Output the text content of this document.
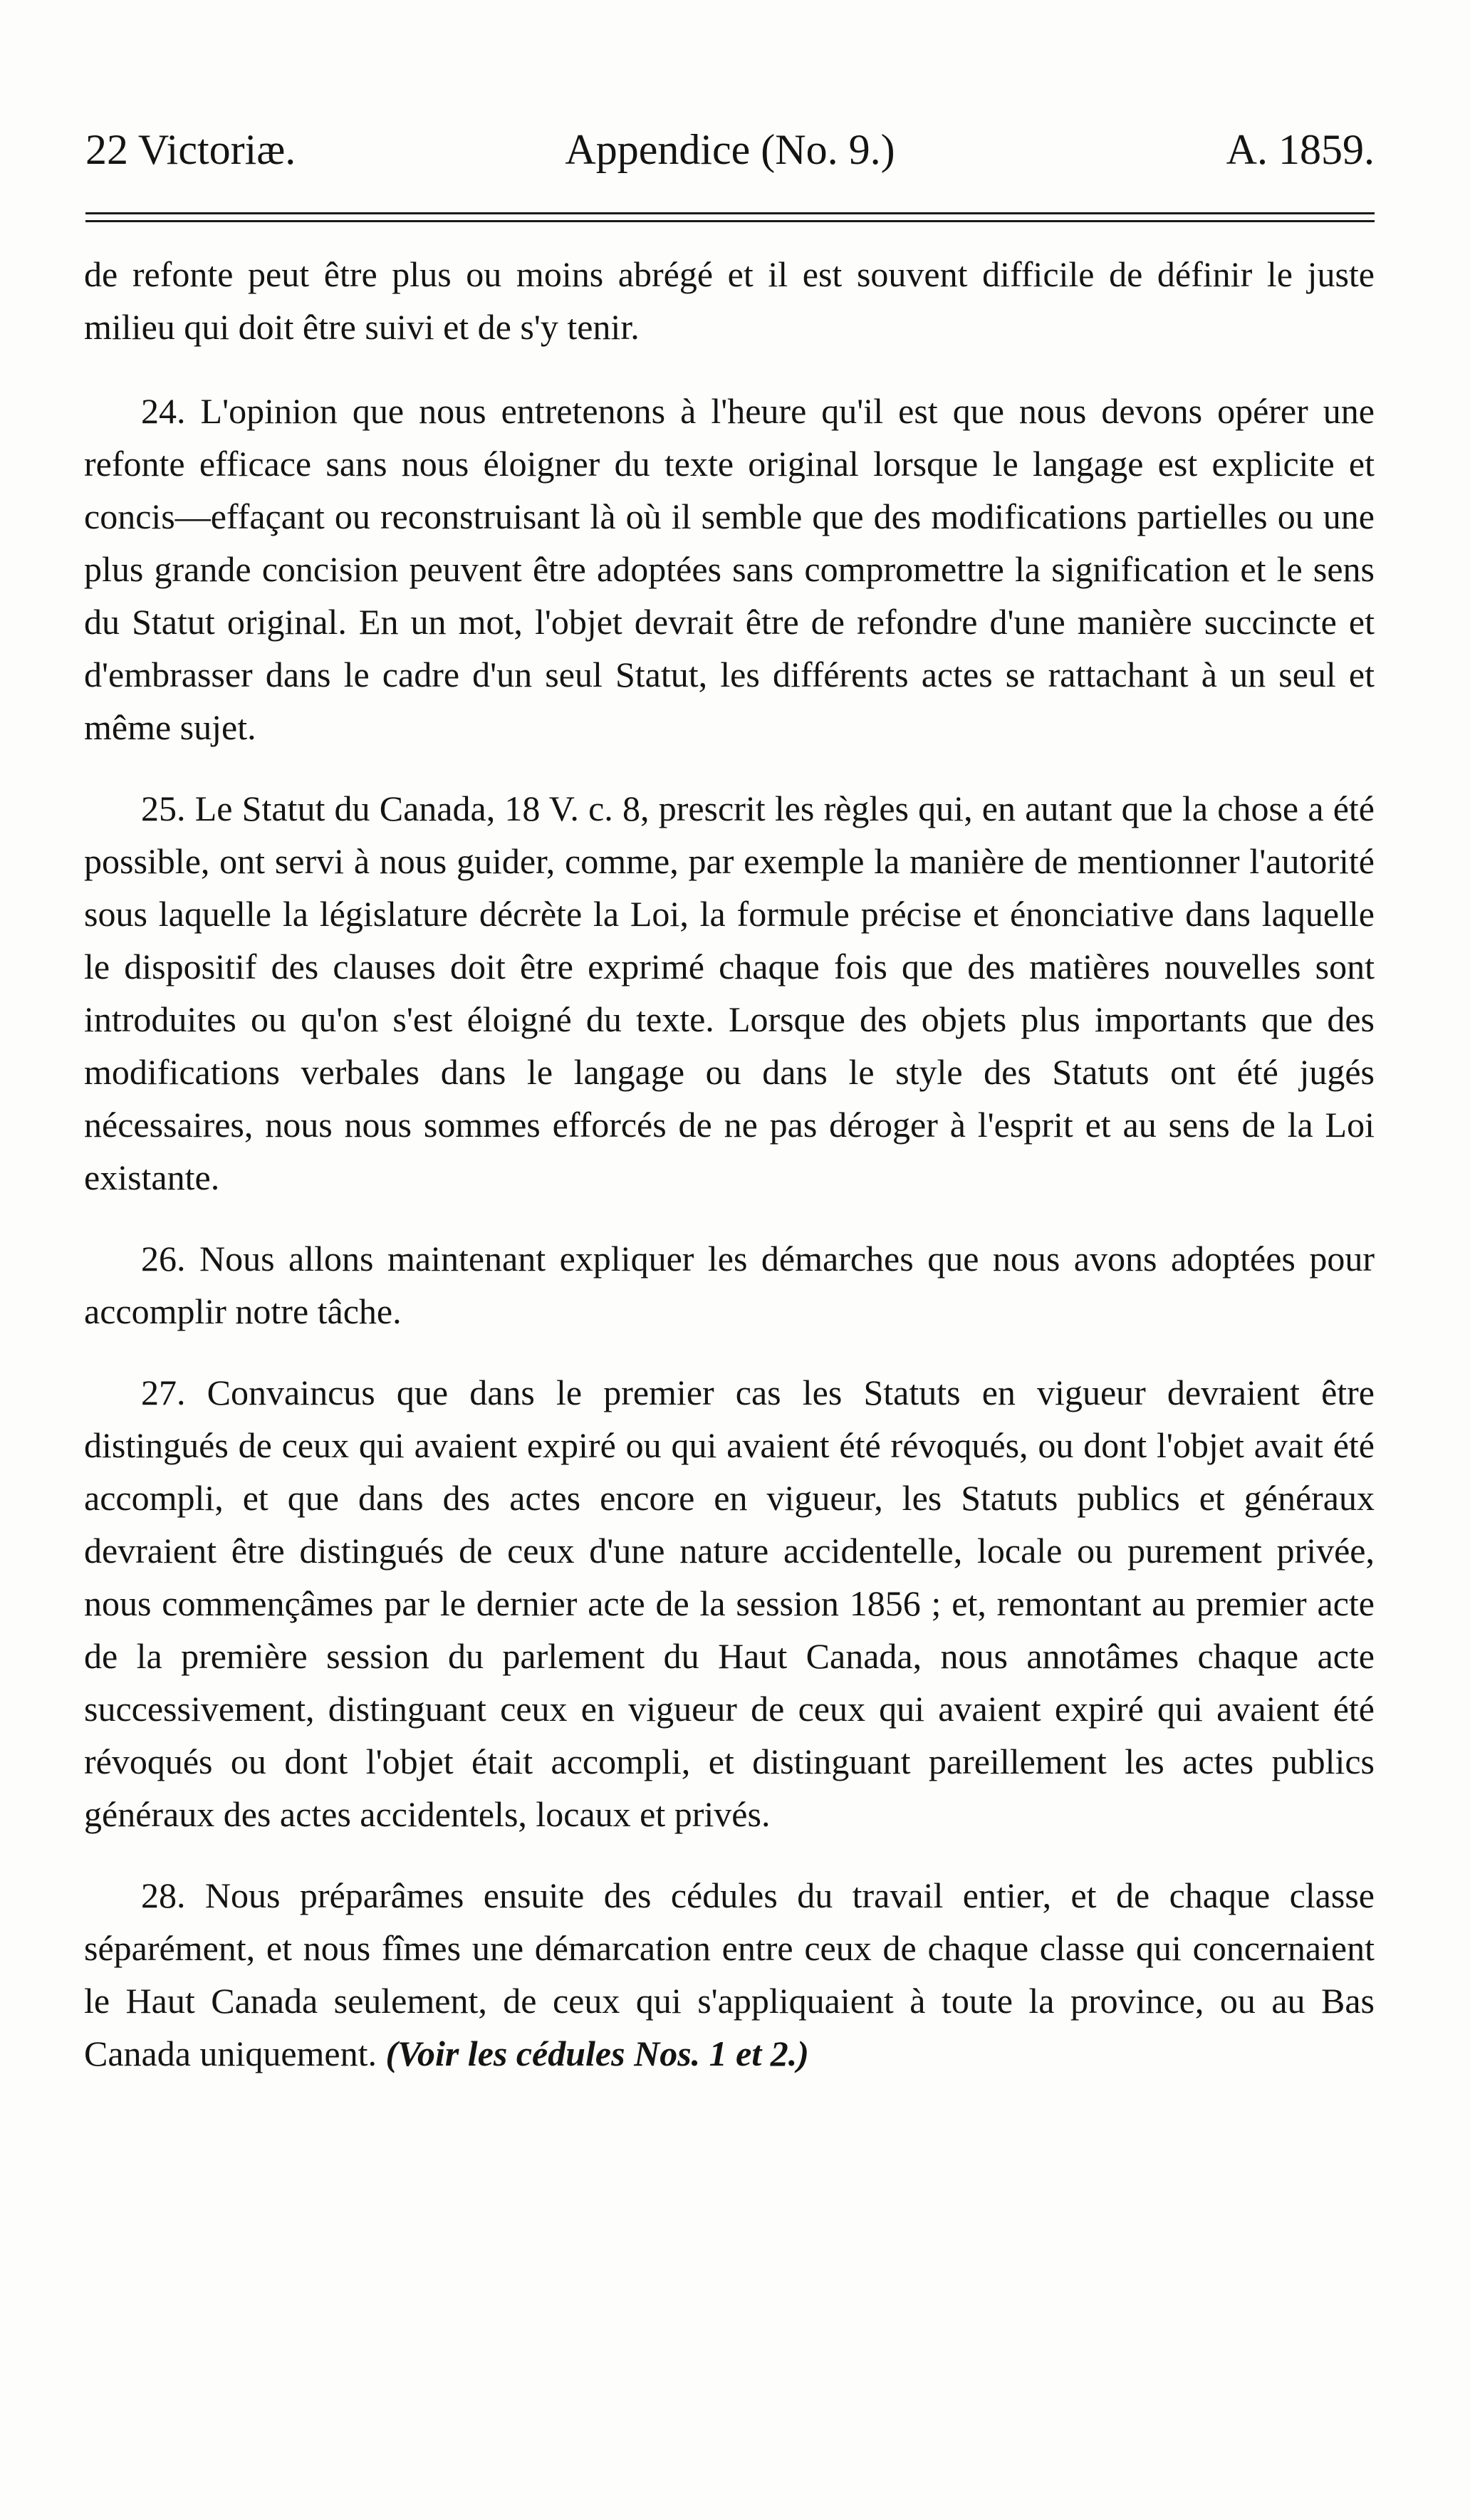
22 Victoriæ.	Appendice (No. 9.)	A. 1859.

de refonte peut être plus ou moins abrégé et il est souvent difficile de définir le juste milieu qui doit être suivi et de s'y tenir.

24. L'opinion que nous entretenons à l'heure qu'il est que nous devons opérer une refonte efficace sans nous éloigner du texte original lorsque le langage est explicite et concis—effaçant ou reconstruisant là où il semble que des modifications partielles ou une plus grande concision peuvent être adoptées sans compromettre la signification et le sens du Statut original. En un mot, l'objet devrait être de refondre d'une manière succincte et d'embrasser dans le cadre d'un seul Statut, les différents actes se rattachant à un seul et même sujet.

25. Le Statut du Canada, 18 V. c. 8, prescrit les règles qui, en autant que la chose a été possible, ont servi à nous guider, comme, par exemple la manière de mentionner l'autorité sous laquelle la législature décrète la Loi, la formule précise et énonciative dans laquelle le dispositif des clauses doit être exprimé chaque fois que des matières nouvelles sont introduites ou qu'on s'est éloigné du texte. Lorsque des objets plus importants que des modifications verbales dans le langage ou dans le style des Statuts ont été jugés nécessaires, nous nous sommes efforcés de ne pas déroger à l'esprit et au sens de la Loi existante.

26. Nous allons maintenant expliquer les démarches que nous avons adoptées pour accomplir notre tâche.

27. Convaincus que dans le premier cas les Statuts en vigueur devraient être distingués de ceux qui avaient expiré ou qui avaient été révoqués, ou dont l'objet avait été accompli, et que dans des actes encore en vigueur, les Statuts publics et généraux devraient être distingués de ceux d'une nature accidentelle, locale ou purement privée, nous commençâmes par le dernier acte de la session 1856 ; et, remontant au premier acte de la première session du parlement du Haut Canada, nous annotâmes chaque acte successivement, distinguant ceux en vigueur de ceux qui avaient expiré qui avaient été révoqués ou dont l'objet était accompli, et distinguant pareillement les actes publics généraux des actes accidentels, locaux et privés.

28. Nous préparâmes ensuite des cédules du travail entier, et de chaque classe séparément, et nous fîmes une démarcation entre ceux de chaque classe qui concernaient le Haut Canada seulement, de ceux qui s'appliquaient à toute la province, ou au Bas Canada uniquement. (Voir les cédules Nos. 1 et 2.)
